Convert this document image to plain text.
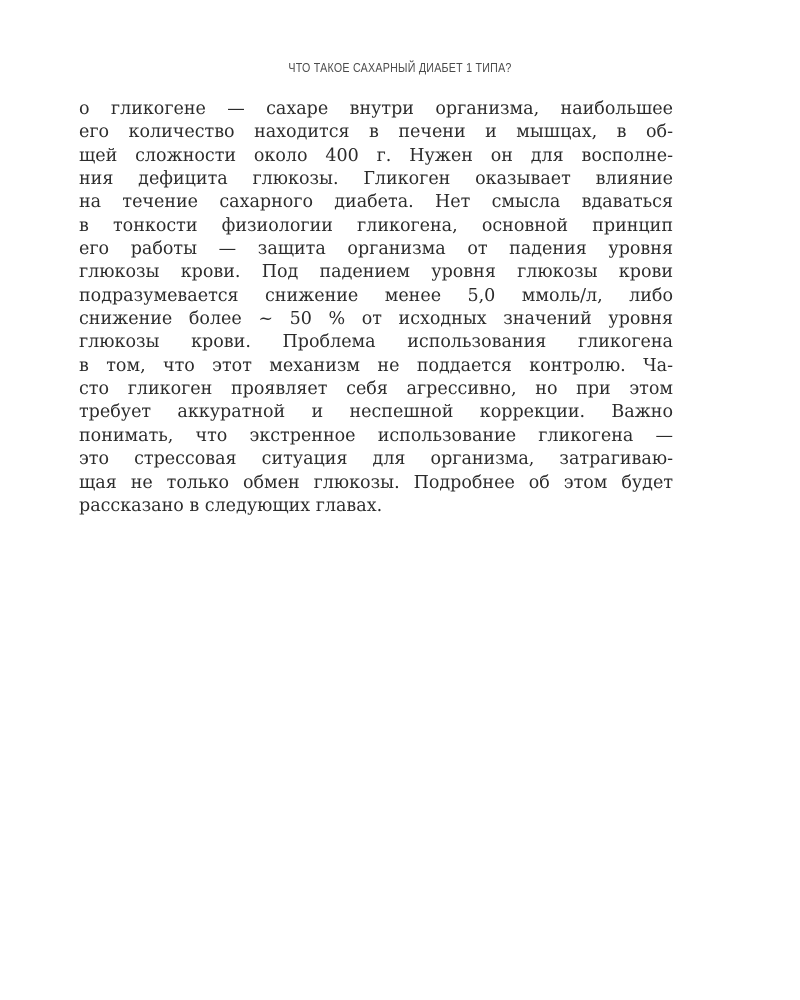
ЧТО ТАКОЕ САХАРНЫЙ ДИАБЕТ 1 ТИПА?
о гликогене — сахаре внутри организма, наибольшее
его количество находится в печени и мышцах, в об-
щей сложности около 400 г. Нужен он для восполне-
ния дефицита глюкозы. Гликоген оказывает влияние
на течение сахарного диабета. Нет смысла вдаваться
в тонкости физиологии гликогена, основной принцип
его работы — защита организма от падения уровня
глюкозы крови. Под падением уровня глюкозы крови
подразумевается снижение менее 5,0 ммоль/л, либо
снижение более ~ 50 % от исходных значений уровня
глюкозы крови. Проблема использования гликогена
в том, что этот механизм не поддается контролю. Ча-
сто гликоген проявляет себя агрессивно, но при этом
требует аккуратной и неспешной коррекции. Важно
понимать, что экстренное использование гликогена —
это стрессовая ситуация для организма, затрагиваю-
щая не только обмен глюкозы. Подробнее об этом будет
рассказано в следующих главах.
